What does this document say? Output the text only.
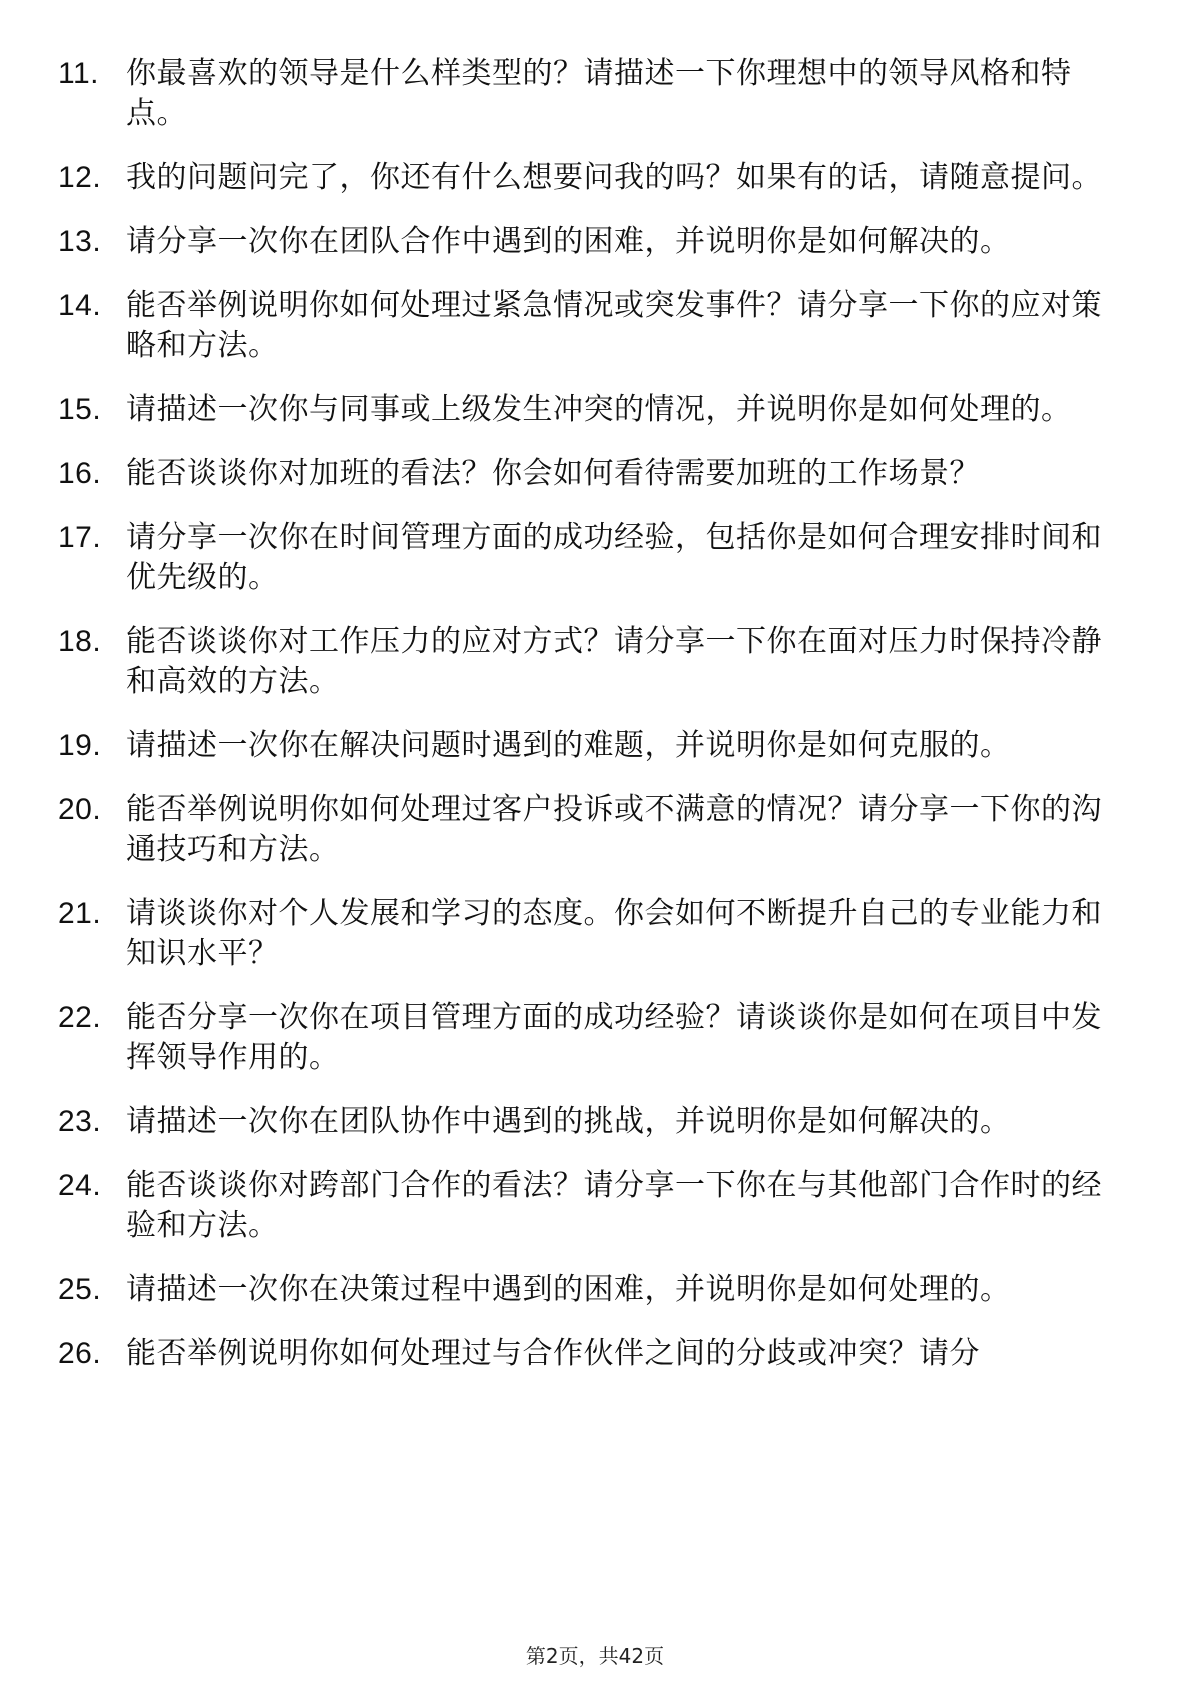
11. 你最喜欢的领导是什么样类型的？请描述一下你理想中的领导风格和特点。
12. 我的问题问完了，你还有什么想要问我的吗？如果有的话，请随意提问。
13. 请分享一次你在团队合作中遇到的困难，并说明你是如何解决的。
14. 能否举例说明你如何处理过紧急情况或突发事件？请分享一下你的应对策略和方法。
15. 请描述一次你与同事或上级发生冲突的情况，并说明你是如何处理的。
16. 能否谈谈你对加班的看法？你会如何看待需要加班的工作场景？
17. 请分享一次你在时间管理方面的成功经验，包括你是如何合理安排时间和优先级的。
18. 能否谈谈你对工作压力的应对方式？请分享一下你在面对压力时保持冷静和高效的方法。
19. 请描述一次你在解决问题时遇到的难题，并说明你是如何克服的。
20. 能否举例说明你如何处理过客户投诉或不满意的情况？请分享一下你的沟通技巧和方法。
21. 请谈谈你对个人发展和学习的态度。你会如何不断提升自己的专业能力和知识水平？
22. 能否分享一次你在项目管理方面的成功经验？请谈谈你是如何在项目中发挥领导作用的。
23. 请描述一次你在团队协作中遇到的挑战，并说明你是如何解决的。
24. 能否谈谈你对跨部门合作的看法？请分享一下你在与其他部门合作时的经验和方法。
25. 请描述一次你在决策过程中遇到的困难，并说明你是如何处理的。
26. 能否举例说明你如何处理过与合作伙伴之间的分歧或冲突？请分
第2页，共42页
